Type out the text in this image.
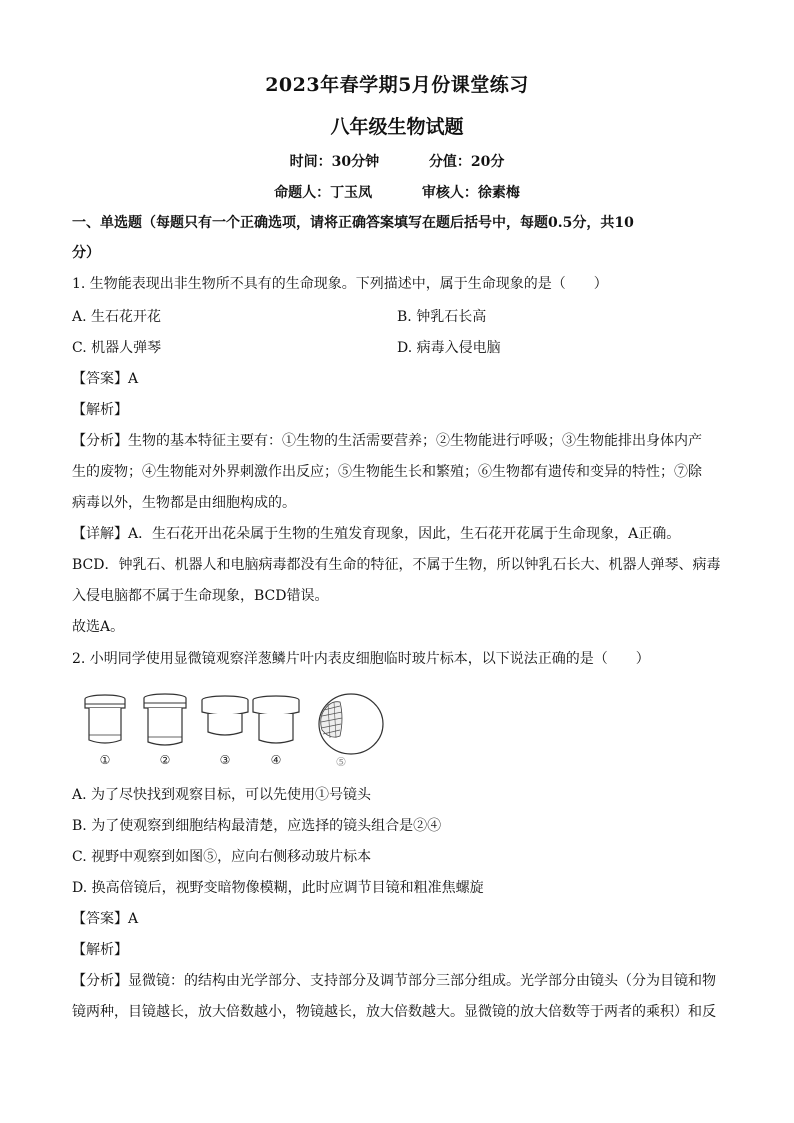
2023年春学期5月份课堂练习
八年级生物试题
时间：30分钟	分值：20分
命题人：丁玉凤	审核人：徐素梅
一、单选题（每题只有一个正确选项，请将正确答案填写在题后括号中，每题0.5分，共10
分）
1. 生物能表现出非生物所不具有的生命现象。下列描述中，属于生命现象的是（　　）
A. 生石花开花	B. 钟乳石长高
C. 机器人弹琴	D. 病毒入侵电脑
【答案】A
【解析】
【分析】生物的基本特征主要有：①生物的生活需要营养；②生物能进行呼吸；③生物能排出身体内产
生的废物；④生物能对外界刺激作出反应；⑤生物能生长和繁殖；⑥生物都有遗传和变异的特性；⑦除
病毒以外，生物都是由细胞构成的。
【详解】A．生石花开出花朵属于生物的生殖发育现象，因此，生石花开花属于生命现象，A正确。
BCD．钟乳石、机器人和电脑病毒都没有生命的特征，不属于生物，所以钟乳石长大、机器人弹琴、病毒
入侵电脑都不属于生命现象，BCD错误。
故选A。
2. 小明同学使用显微镜观察洋葱鳞片叶内表皮细胞临时玻片标本，以下说法正确的是（　　）
①	②	③	④	⑤
A. 为了尽快找到观察目标，可以先使用①号镜头
B. 为了使观察到细胞结构最清楚，应选择的镜头组合是②④
C. 视野中观察到如图⑤，应向右侧移动玻片标本
D. 换高倍镜后，视野变暗物像模糊，此时应调节目镜和粗准焦螺旋
【答案】A
【解析】
【分析】显微镜：的结构由光学部分、支持部分及调节部分三部分组成。光学部分由镜头（分为目镜和物
镜两种，目镜越长，放大倍数越小，物镜越长，放大倍数越大。显微镜的放大倍数等于两者的乘积）和反
